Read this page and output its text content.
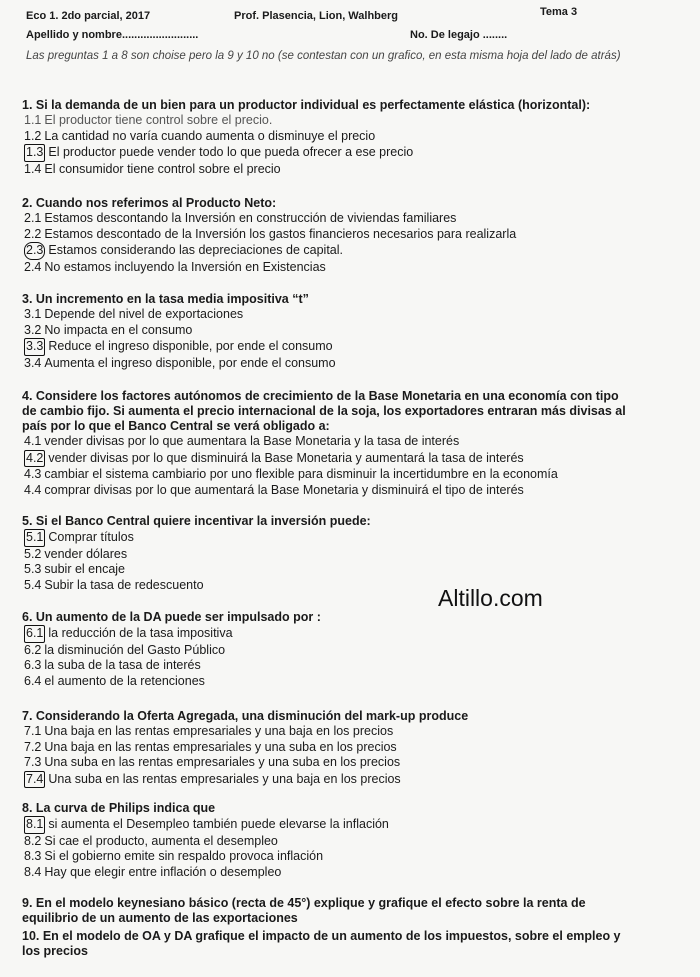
Eco 1. 2do parcial, 2017	Prof. Plasencia, Lion, Walhberg	Tema 3
Apellido y nombre.........................	No. De legajo ........
Las preguntas 1 a 8 son choise pero la 9 y 10 no (se contestan con un grafico, en esta misma hoja del lado de atrás)
1. Si la demanda de un bien para un productor individual es perfectamente elástica (horizontal):
1.1 El productor tiene control sobre el precio.
1.2 La cantidad no varía cuando aumenta o disminuye el precio
1.3 El productor puede vender todo lo que pueda ofrecer a ese precio
1.4 El consumidor tiene control sobre el precio
2. Cuando nos referimos al Producto Neto:
2.1 Estamos descontando la Inversión en construcción de viviendas familiares
2.2 Estamos descontado de la Inversión los gastos financieros necesarios para realizarla
2.3 Estamos considerando las depreciaciones de capital.
2.4 No estamos incluyendo la Inversión en Existencias
3. Un incremento en la tasa media impositiva “t”
3.1 Depende del nivel de exportaciones
3.2 No impacta en el consumo
3.3 Reduce el ingreso disponible, por ende el consumo
3.4 Aumenta el ingreso disponible, por ende el consumo
4. Considere los factores autónomos de crecimiento de la Base Monetaria en una economía con tipo
de cambio fijo. Si aumenta el precio internacional de la soja, los exportadores entraran más divisas al
país por lo que el Banco Central se verá obligado a:
4.1 vender divisas por lo que aumentara la Base Monetaria y la tasa de interés
4.2 vender divisas por lo que disminuirá la Base Monetaria y aumentará la tasa de interés
4.3 cambiar el sistema cambiario por uno flexible para disminuir la incertidumbre en la economía
4.4 comprar divisas por lo que aumentará la Base Monetaria y disminuirá el tipo de interés
5. Si el Banco Central quiere incentivar la inversión puede:
5.1 Comprar títulos
5.2 vender dólares
5.3 subir el encaje
5.4 Subir la tasa de redescuento
Altillo.com
6. Un aumento de la DA puede ser impulsado por :
6.1 la reducción de la tasa impositiva
6.2 la disminución del Gasto Público
6.3 la suba de la tasa de interés
6.4 el aumento de la retenciones
7. Considerando la Oferta Agregada, una disminución del mark-up produce
7.1 Una baja en las rentas empresariales y una baja en los precios
7.2 Una baja en las rentas empresariales y una suba en los precios
7.3 Una suba en las rentas empresariales y una suba en los precios
7.4 Una suba en las rentas empresariales y una baja en los precios
8. La curva de Philips indica que
8.1 si aumenta el Desempleo también puede elevarse la inflación
8.2 Si cae el producto, aumenta el desempleo
8.3 Si el gobierno emite sin respaldo provoca inflación
8.4 Hay que elegir entre inflación o desempleo
9. En el modelo keynesiano básico (recta de 45°) explique y grafique el efecto sobre la renta de
equilibrio de un aumento de las exportaciones
10. En el modelo de OA y DA grafique el impacto de un aumento de los impuestos, sobre el empleo y
los precios
